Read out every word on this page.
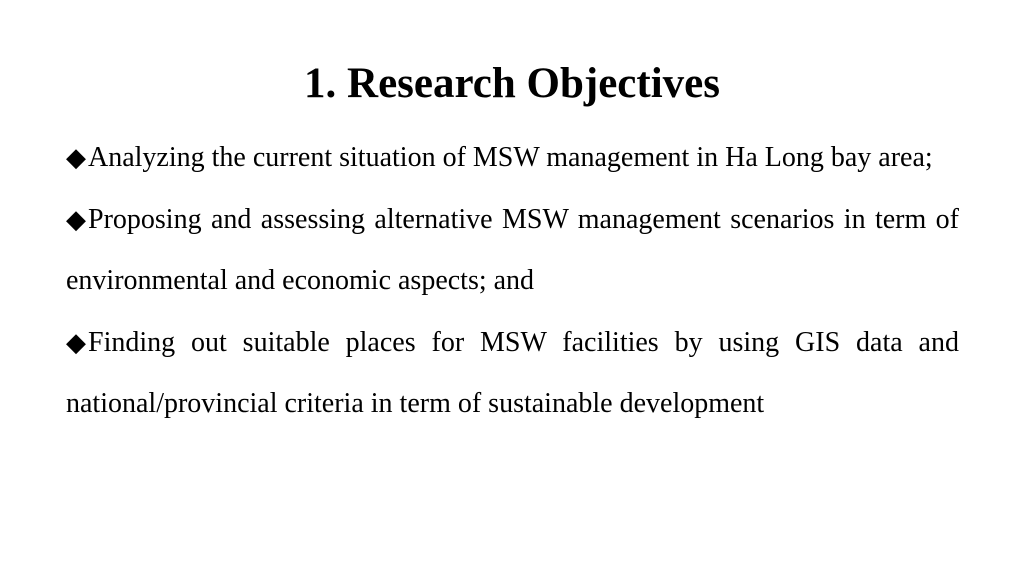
1. Research Objectives
◆Analyzing the current situation of MSW management in Ha Long bay area;
◆Proposing and assessing alternative MSW management scenarios in term of environmental and economic aspects; and
◆Finding out suitable places for MSW facilities by using GIS data and national/provincial criteria in term of sustainable development
